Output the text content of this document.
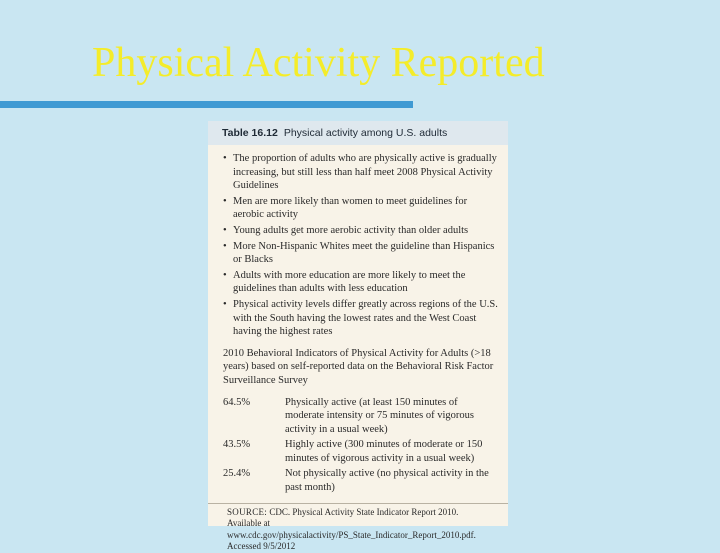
Physical Activity Reported
Table 16.12 Physical activity among U.S. adults
• The proportion of adults who are physically active is gradually increasing, but still less than half meet 2008 Physical Activity Guidelines
• Men are more likely than women to meet guidelines for aerobic activity
• Young adults get more aerobic activity than older adults
• More Non-Hispanic Whites meet the guideline than Hispanics or Blacks
• Adults with more education are more likely to meet the guidelines than adults with less education
• Physical activity levels differ greatly across regions of the U.S. with the South having the lowest rates and the West Coast having the highest rates
2010 Behavioral Indicators of Physical Activity for Adults (>18 years) based on self-reported data on the Behavioral Risk Factor Surveillance Survey
64.5%	Physically active (at least 150 minutes of moderate intensity or 75 minutes of vigorous activity in a usual week)
43.5%	Highly active (300 minutes of moderate or 150 minutes of vigorous activity in a usual week)
25.4%	Not physically active (no physical activity in the past month)
SOURCE: CDC. Physical Activity State Indicator Report 2010. Available at www.cdc.gov/physicalactivity/PS_State_Indicator_Report_2010.pdf. Accessed 9/5/2012
